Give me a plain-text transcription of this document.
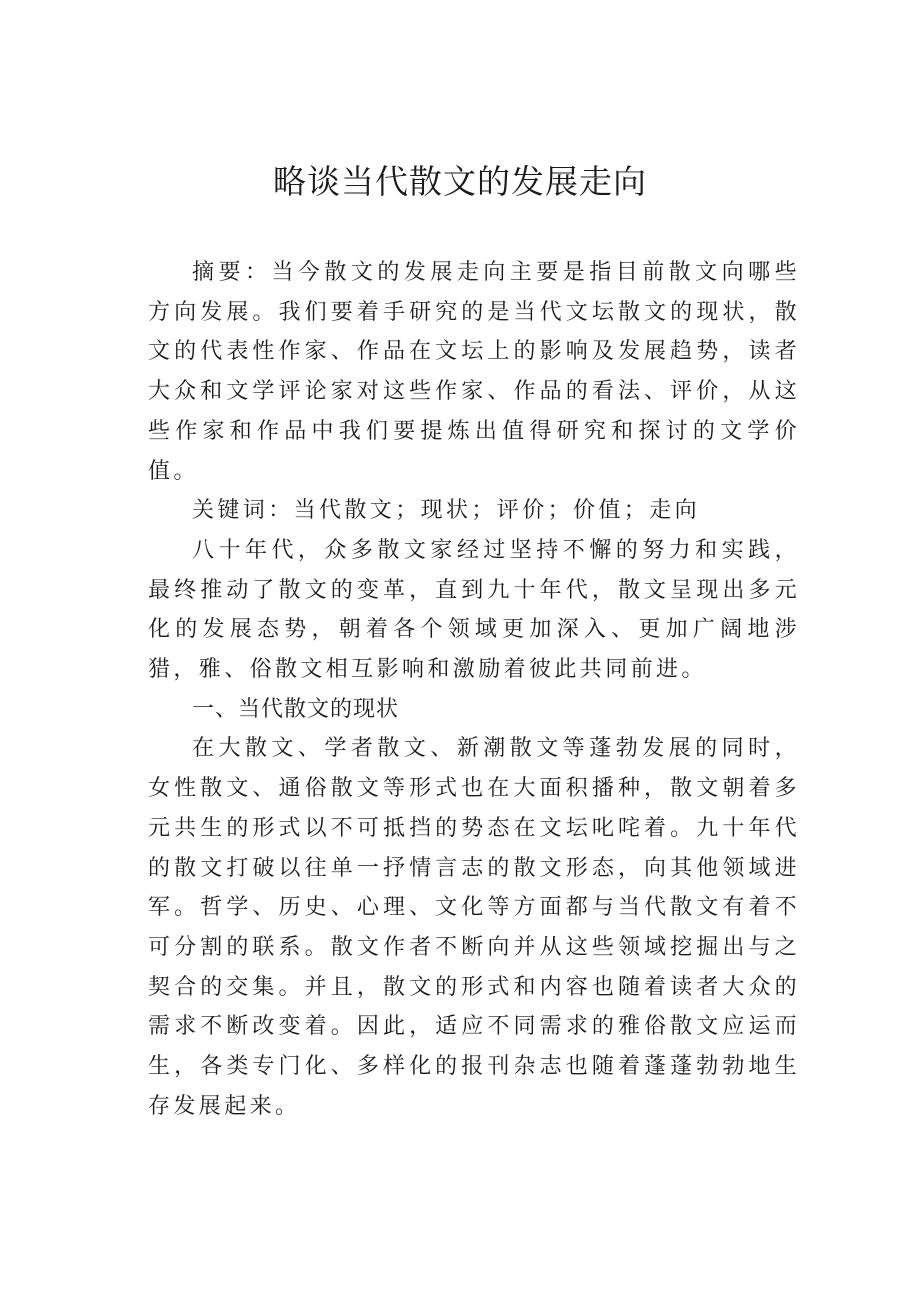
略谈当代散文的发展走向

摘要：当今散文的发展走向主要是指目前散文向哪些方向发展。我们要着手研究的是当代文坛散文的现状，散文的代表性作家、作品在文坛上的影响及发展趋势，读者大众和文学评论家对这些作家、作品的看法、评价，从这些作家和作品中我们要提炼出值得研究和探讨的文学价值。

关键词：当代散文；现状；评价；价值；走向

八十年代，众多散文家经过坚持不懈的努力和实践，最终推动了散文的变革，直到九十年代，散文呈现出多元化的发展态势，朝着各个领域更加深入、更加广阔地涉猎，雅、俗散文相互影响和激励着彼此共同前进。

一、当代散文的现状

在大散文、学者散文、新潮散文等蓬勃发展的同时，女性散文、通俗散文等形式也在大面积播种，散文朝着多元共生的形式以不可抵挡的势态在文坛叱咤着。九十年代的散文打破以往单一抒情言志的散文形态，向其他领域进军。哲学、历史、心理、文化等方面都与当代散文有着不可分割的联系。散文作者不断向并从这些领域挖掘出与之契合的交集。并且，散文的形式和内容也随着读者大众的需求不断改变着。因此，适应不同需求的雅俗散文应运而生，各类专门化、多样化的报刊杂志也随着蓬蓬勃勃地生存发展起来。
